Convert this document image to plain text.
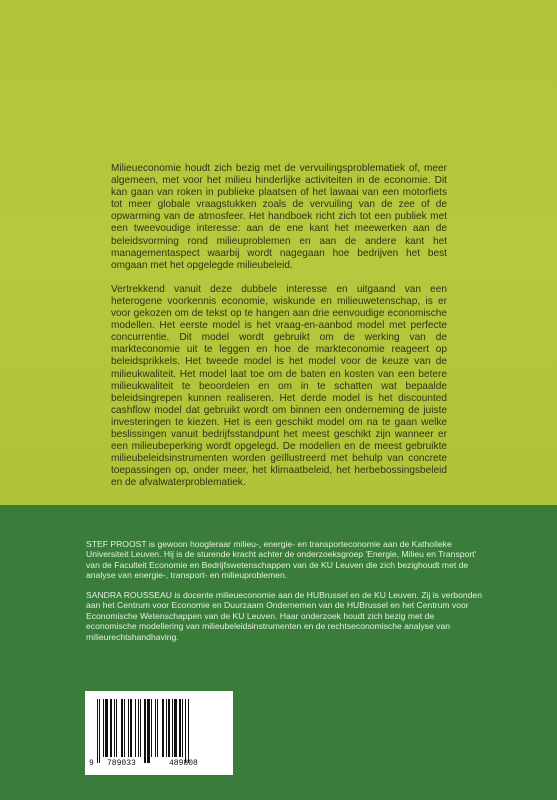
·

Milieueconomie houdt zich bezig met de vervuilingsproblematiek of, meer algemeen, met voor het milieu hinderlijke activiteiten in de economie. Dit kan gaan van roken in publieke plaatsen of het lawaai van een motorfiets tot meer globale vraagstukken zoals de vervuiling van de zee of de opwarming van de atmosfeer. Het handboek richt zich tot een publiek met een tweevoudige interesse: aan de ene kant het meewerken aan de beleidsvorming rond milieuproblemen en aan de andere kant het managementaspect waarbij wordt nagegaan hoe bedrijven het best omgaan met het opgelegde milieubeleid.

Vertrekkend vanuit deze dubbele interesse en uitgaand van een heterogene voorkennis economie, wiskunde en milieuwetenschap, is er voor gekozen om de tekst op te hangen aan drie eenvoudige economische modellen. Het eerste model is het vraag-en-aanbod model met perfecte concurrentie. Dit model wordt gebruikt om de werking van de markteconomie uit te leggen en hoe de markteconomie reageert op beleidsprikkels. Het tweede model is het model voor de keuze van de milieukwaliteit. Het model laat toe om de baten en kosten van een betere milieukwaliteit te beoordelen en om in te schatten wat bepaalde beleidsingrepen kunnen realiseren. Het derde model is het discounted cashflow model dat gebruikt wordt om binnen een onderneming de juiste investeringen te kiezen. Het is een geschikt model om na te gaan welke beslissingen vanuit bedrijfsstandpunt het meest geschikt zijn wanneer er een milieubeperking wordt opgelegd. De modellen en de meest gebruikte milieubeleidsinstrumenten worden geïllustreerd met behulp van concrete toepassingen op, onder meer, het klimaatbeleid, het herbebossingsbeleid en de afvalwaterproblematiek.

STEF PROOST is gewoon hoogleraar milieu-, energie- en transporteconomie aan de Katholieke Universiteit Leuven. Hij is de sturende kracht achter de onderzoeksgroep 'Energie, Milieu en Transport' van de Faculteit Economie en Bedrijfswetenschappen van de KU Leuven die zich bezighoudt met de analyse van energie-, transport- en milieuproblemen.

SANDRA ROUSSEAU is docente milieueconomie aan de HUBrussel en de KU Leuven. Zij is verbonden aan het Centrum voor Economie en Duurzaam Ondernemen van de HUBrussel en het Centrum voor Economische Wetenschappen van de KU Leuven. Haar onderzoek houdt zich bezig met de economische modellering van milieubeleidsinstrumenten en de rechtseconomische analyse van milieurechtshandhaving.

9 789033	489808
